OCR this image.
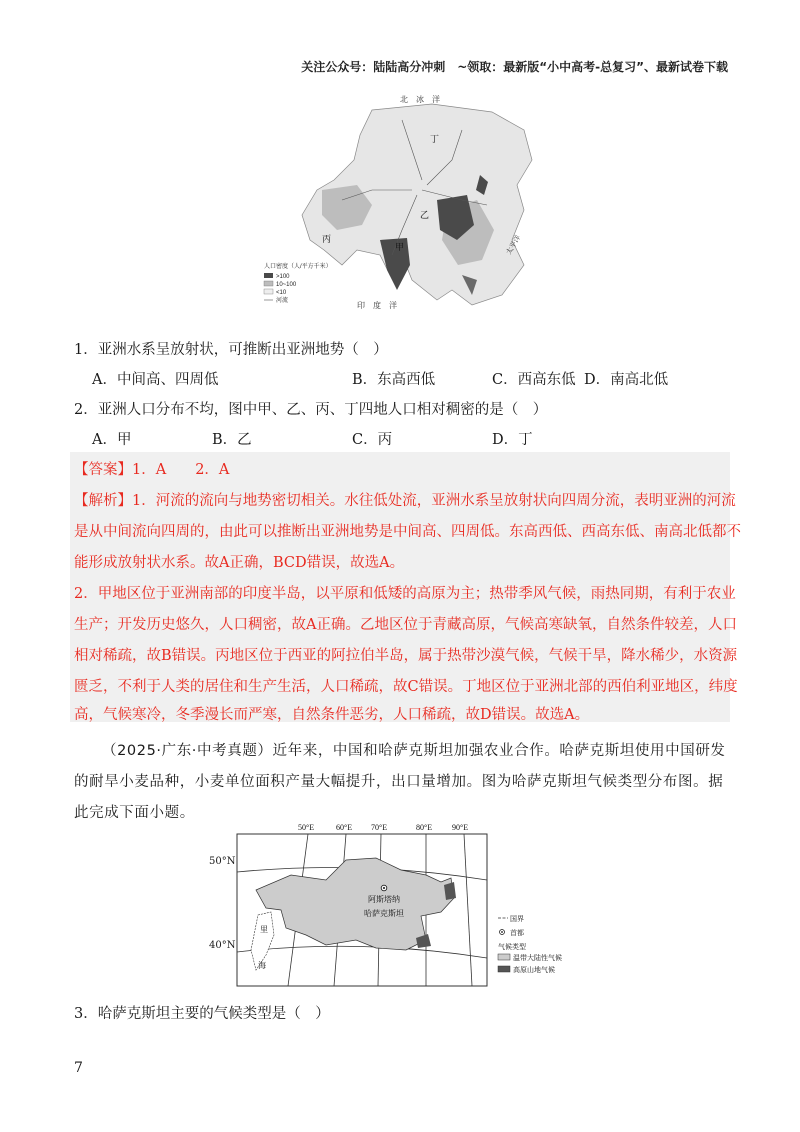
关注公众号：陆陆高分冲刺　~领取：最新版“小中高考-总复习”、最新试卷下载
北　冰　洋
甲
乙
丙
丁
太平洋
印　度　洋
人口密度（人/平方千米）
>100
10~100
<10
河流
1．亚洲水系呈放射状，可推断出亚洲地势（　）
A．中间高、四周低	B．东高西低	C．西高东低 D．南高北低
2．亚洲人口分布不均，图中甲、乙、丙、丁四地人口相对稠密的是（　）
A．甲	B．乙	C．丙	D．丁
【答案】1．A　　2．A
【解析】1．河流的流向与地势密切相关。水往低处流，亚洲水系呈放射状向四周分流，表明亚洲的河流
是从中间流向四周的，由此可以推断出亚洲地势是中间高、四周低。东高西低、西高东低、南高北低都不
能形成放射状水系。故A正确，BCD错误，故选A。
2．甲地区位于亚洲南部的印度半岛，以平原和低矮的高原为主；热带季风气候，雨热同期，有利于农业
生产；开发历史悠久，人口稠密，故A正确。乙地区位于青藏高原，气候高寒缺氧，自然条件较差，人口
相对稀疏，故B错误。丙地区位于西亚的阿拉伯半岛，属于热带沙漠气候，气候干旱，降水稀少，水资源
匮乏，不利于人类的居住和生产生活，人口稀疏，故C错误。丁地区位于亚洲北部的西伯利亚地区，纬度
高，气候寒冷，冬季漫长而严寒，自然条件恶劣，人口稀疏，故D错误。故选A。
（2025·广东·中考真题）近年来，中国和哈萨克斯坦加强农业合作。哈萨克斯坦使用中国研发的耐旱小麦品种，小麦单位面积产量大幅提升，出口量增加。图为哈萨克斯坦气候类型分布图。据此完成下面小题。
里
海
阿斯塔纳
哈萨克斯坦
50°E	60°E 70°E	80°E 90°E
国界
首都
气候类型
温带大陆性气候
高原山地气候
50°N
40°N
3．哈萨克斯坦主要的气候类型是（　）
7
